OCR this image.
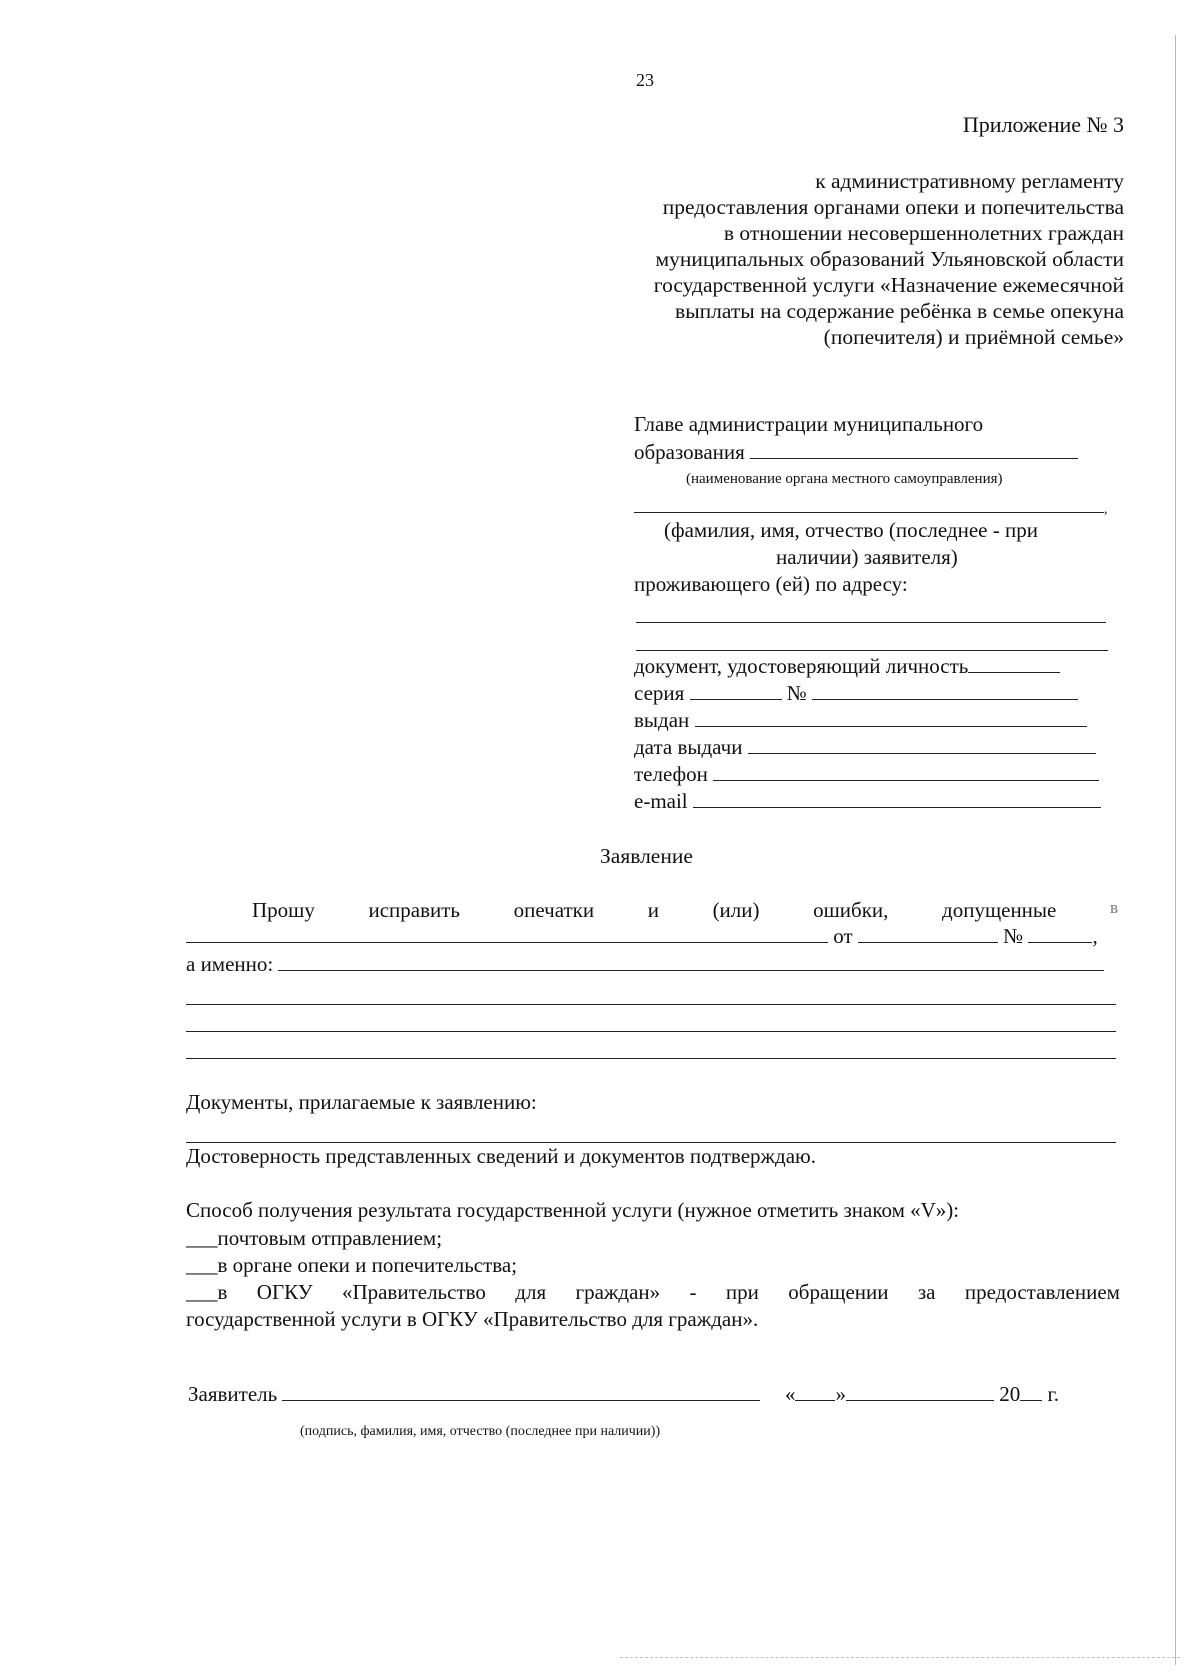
23
Приложение № 3
к административному регламенту
предоставления органами опеки и попечительства
в отношении несовершеннолетних граждан
муниципальных образований Ульяновской области
государственной услуги «Назначение ежемесячной
выплаты на содержание ребёнка в семье опекуна
(попечителя) и приёмной семье»
Главе администрации муниципального
образования
(наименование органа местного самоуправления)
,
(фамилия, имя, отчество (последнее - при
наличии) заявителя)
проживающего (ей) по адресу:
документ, удостоверяющий личность
серия	№
выдан
дата выдачи
телефон
e-mail
Заявление
Прошу	исправить	опечатки	и	(или)	ошибки,	допущенные	в
от	№	,
а именно:
Документы, прилагаемые к заявлению:
Достоверность представленных сведений и документов подтверждаю.
Способ получения результата государственной услуги (нужное отметить знаком «V»):
___почтовым отправлением;
___в органе опеки и попечительства;
___ в ОГКУ «Правительство для граждан» - при обращении за предоставлением
государственной услуги в ОГКУ «Правительство для граждан».
Заявитель	« »	20 г.
(подпись, фамилия, имя, отчество (последнее при наличии))
